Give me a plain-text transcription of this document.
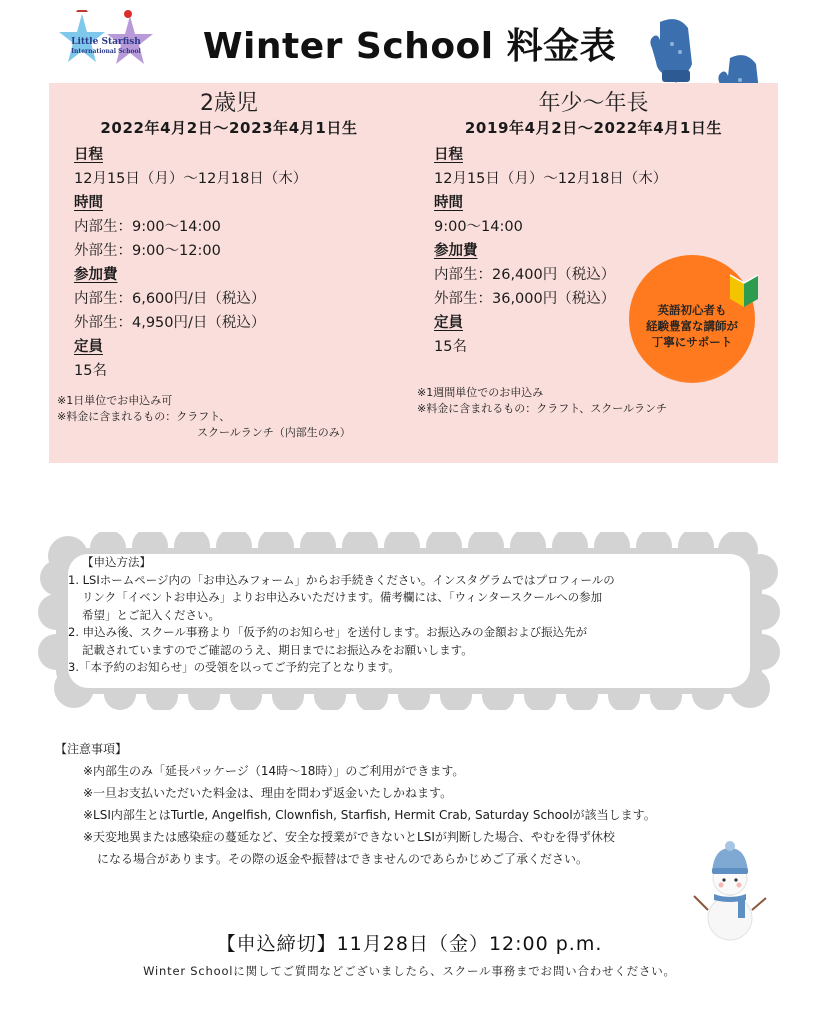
Little Starfish
International School	Winter School 料金表
2歳児
2022年4月2日～2023年4月1日生
日程
12月15日（月）～12月18日（木）
時間
内部生：9:00～14:00
外部生：9:00～12:00
参加費
内部生：6,600円/日（税込）
外部生：4,950円/日（税込）
定員
15名
※1日単位でお申込み可
※料金に含まれるもの：クラフト、
スクールランチ（内部生のみ）
年少～年長
2019年4月2日～2022年4月1日生
日程
12月15日（月）～12月18日（木）
時間
9:00～14:00
参加費
内部生：26,400円（税込）
外部生：36,000円（税込）
定員
15名
※1週間単位でのお申込み
※料金に含まれるもの：クラフト、スクールランチ
英語初心者も
経験豊富な講師が
丁寧にサポート
【申込方法】
1. LSIホームページ内の「お申込みフォーム」からお手続きください。インスタグラムではプロフィールの
リンク「イベントお申込み」よりお申込みいただけます。備考欄には、「ウィンタースクールへの参加
希望」とご記入ください。
2. 申込み後、スクール事務より「仮予約のお知らせ」を送付します。お振込みの金額および振込先が
記載されていますのでご確認のうえ、期日までにお振込みをお願いします。
3.「本予約のお知らせ」の受領を以ってご予約完了となります。
【注意事項】
※内部生のみ「延長パッケージ（14時～18時）」のご利用ができます。
※一旦お支払いただいた料金は、理由を問わず返金いたしかねます。
※LSI内部生とはTurtle, Angelfish, Clownfish, Starfish, Hermit Crab, Saturday Schoolが該当します。
※天変地異または感染症の蔓延など、安全な授業ができないとLSIが判断した場合、やむを得ず休校
になる場合があります。その際の返金や振替はできませんのであらかじめご了承ください。
【申込締切】11月28日（金）12:00 p.m.
Winter Schoolに関してご質問などございましたら、スクール事務までお問い合わせください。
